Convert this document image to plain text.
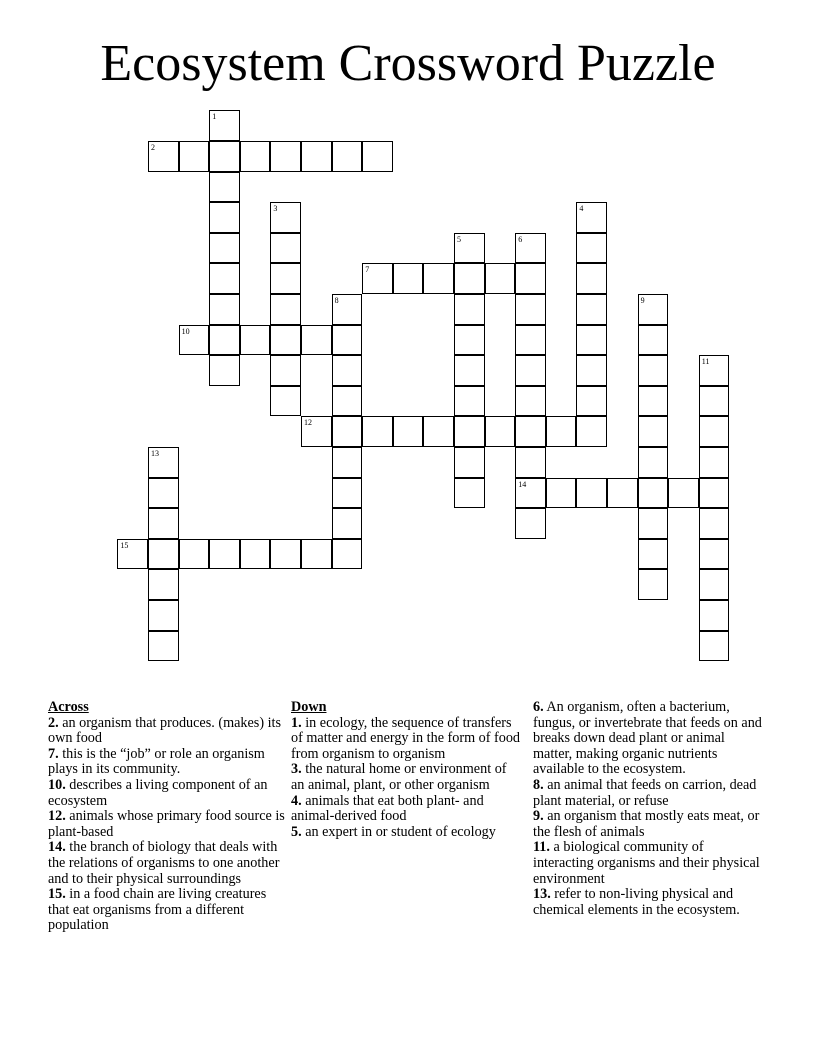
Ecosystem Crossword Puzzle
1
2
3	4
5	6
14
7
8	9
10
11
12
13
15
Across
2. an organism that produces. (makes) its own food
7. this is the “job” or role an organism plays in its community.
10. describes a living component of an ecosystem
12. animals whose primary food source is plant-based
14. the branch of biology that deals with the relations of organisms to one another and to their physical surroundings
15. in a food chain are living creatures that eat organisms from a different population
Down
1. in ecology, the sequence of transfers of matter and energy in the form of food from organism to organism
3. the natural home or environment of an animal, plant, or other organism
4. animals that eat both plant- and animal-derived food
5. an expert in or student of ecology
6. An organism, often a bacterium, fungus, or invertebrate that feeds on and breaks down dead plant or animal matter, making organic nutrients available to the ecosystem.
8. an animal that feeds on carrion, dead plant material, or refuse
9. an organism that mostly eats meat, or the flesh of animals
11. a biological community of interacting organisms and their physical environment
13. refer to non-living physical and chemical elements in the ecosystem.
